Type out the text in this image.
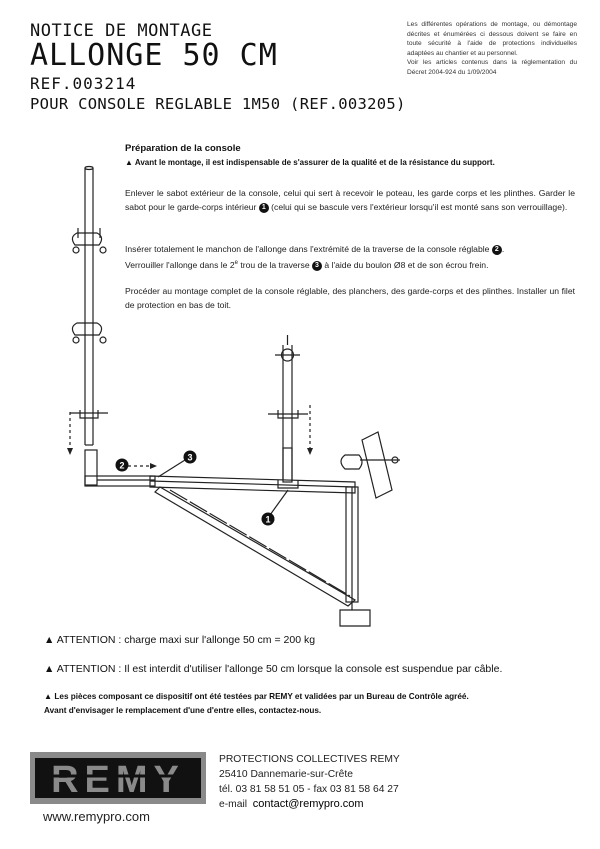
NOTICE DE MONTAGE
ALLONGE 50 CM
REF.003214
POUR CONSOLE REGLABLE 1M50 (REF.003205)

Les différentes opérations de montage, ou démontage décrites et énumérées ci dessous doivent se faire en toute sécurité à l'aide de protections individuelles adaptées au chantier et au personnel.

Voir les articles contenus dans la réglementation du Décret 2004-924 du 1/09/2004

Préparation de la console
▲ Avant le montage, il est indispensable de s'assurer de la qualité et de la résistance du support.
Enlever le sabot extérieur de la console, celui qui sert à recevoir le poteau, les garde corps et les plinthes. Garder le sabot pour le garde-corps intérieur 1 (celui qui se bascule vers l'extérieur lorsqu'il est monté sans son verrouillage).
Insérer totalement le manchon de l'allonge dans l'extrémité de la traverse de la console réglable 2 .
Verrouiller l'allonge dans le 2e trou de la traverse 3 à l'aide du boulon Ø8 et de son écrou frein.
Procéder au montage complet de la console réglable, des planchers, des garde-corps et des plinthes. Installer un filet de protection en bas de toit.
2
3
1
▲ ATTENTION : charge maxi sur l'allonge 50 cm = 200 kg
▲ ATTENTION : Il est interdit d'utiliser l'allonge 50 cm lorsque la console est suspendue par câble.
▲ Les pièces composant ce dispositif ont été testées par REMY et validées par un Bureau de Contrôle agréé.
Avant d'envisager le remplacement d'une d'entre elles, contactez-nous.
REMY
www.remypro.com
PROTECTIONS COLLECTIVES REMY
25410 Dannemarie-sur-Crête
tél. 03 81 58 51 05 - fax 03 81 58 64 27
e-mail contact@remypro.com
